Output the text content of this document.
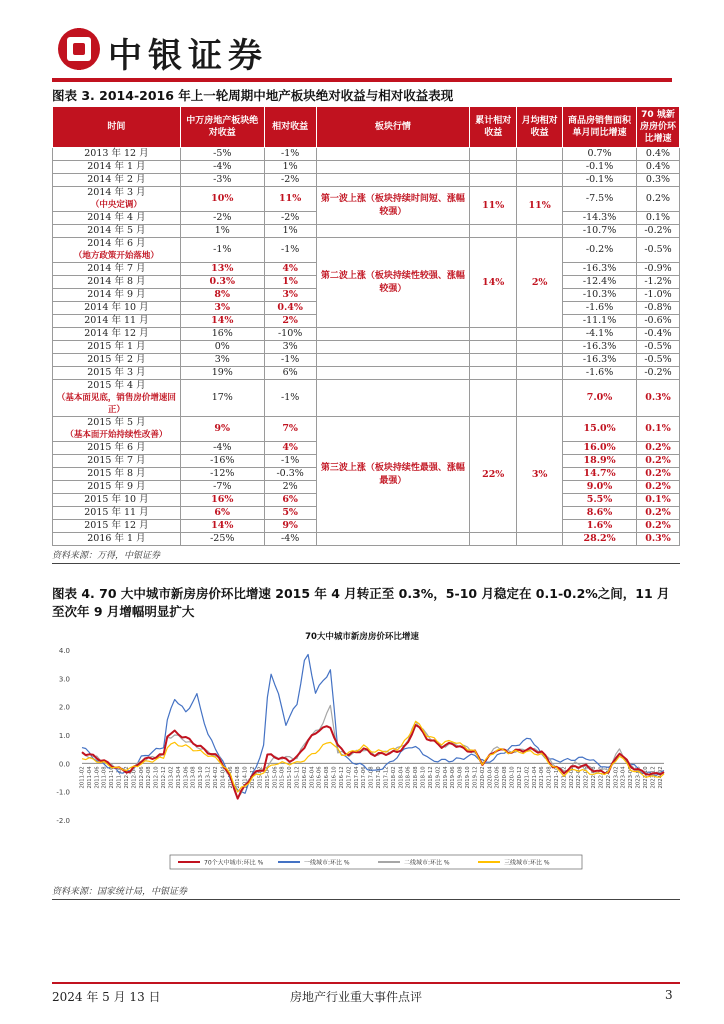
中银证券
图表 3. 2014-2016 年上一轮周期中地产板块绝对收益与相对收益表现
时间	中万房地产板块绝对收益	相对收益	板块行情	累计相对收益	月均相对收益	商品房销售面积单月同比增速	70 城新房房价环比增速
2013 年 12 月	-5%	-1%				0.7%	0.4%
2014 年 1 月	-4%	1%				-0.1%	0.4%
2014 年 2 月	-3%	-2%				-0.1%	0.3%
2014 年 3 月
（中央定调）	10%	11%	第一波上涨（板块持续时间短、涨幅较强）	11%	11%	-7.5%	0.2%
2014 年 4 月	-2%	-2%				-14.3%	0.1%
2014 年 5 月	1%	1%				-10.7%	-0.2%
2014 年 6 月
（地方政策开始落地）	-1%	-1%	第二波上涨（板块持续性较强、涨幅较强）	14%	2%	-0.2%	-0.5%
2014 年 7 月	13%	4%				-16.3%	-0.9%
2014 年 8 月	0.3%	1%				-12.4%	-1.2%
2014 年 9 月	8%	3%				-10.3%	-1.0%
2014 年 10 月	3%	0.4%				-1.6%	-0.8%
2014 年 11 月	14%	2%				-11.1%	-0.6%
2014 年 12 月	16%	-10%				-4.1%	-0.4%
2015 年 1 月	0%	3%				-16.3%	-0.5%
2015 年 2 月	3%	-1%				-16.3%	-0.5%
2015 年 3 月	19%	6%				-1.6%	-0.2%
2015 年 4 月
（基本面见底，销售房价增速回正）	17%	-1%				7.0%	0.3%
2015 年 5 月
（基本面开始持续性改善）	9%	7%	第三波上涨（板块持续性最强、涨幅最强）	22%	3%	15.0%	0.1%
2015 年 6 月	-4%	4%				16.0%	0.2%
2015 年 7 月	-16%	-1%				18.9%	0.2%
2015 年 8 月	-12%	-0.3%				14.7%	0.2%
2015 年 9 月	-7%	2%				9.0%	0.2%
2015 年 10 月	16%	6%				5.5%	0.1%
2015 年 11 月	6%	5%				8.6%	0.2%
2015 年 12 月	14%	9%				1.6%	0.2%
2016 年 1 月	-25%	-4%				28.2%	0.3%
资料来源：万得，中银证券
图表 4. 70 大中城市新房房价环比增速 2015 年 4 月转正至 0.3%，5-10 月稳定在 0.1-0.2%之间，11 月至次年 9 月增幅明显扩大
70大中城市新房房价环比增速
4.0
3.0
2.0
1.0
0.0
-1.0
-2.0
2011-02 2011-04 2011-06 2011-08 2011-10 2011-12 2012-02 2012-04 2012-06 2012-08 2012-10 2012-12 2013-02 2013-04 2013-06 2013-08 2013-10 2013-12 2014-02 2014-04 2014-06 2014-08 2014-10 2014-12 2015-02 2015-04 2015-06 2015-08 2015-10 2015-12 2016-02 2016-04 2016-06 2016-08 2016-10 2016-12 2017-02 2017-04 2017-06 2017-08 2017-10 2017-12 2018-02 2018-04 2018-06 2018-08 2018-10 2018-12 2019-02 2019-04 2019-06 2019-08 2019-10 2019-12 2020-02 2020-04 2020-06 2020-08 2020-10 2020-12 2021-02 2021-04 2021-06 2021-08 2021-10 2021-12 2022-02 2022-04 2022-06 2022-08 2022-10 2022-12 2023-02 2023-04 2023-06 2023-08 2023-10 2023-12 2024-02
70个大中城市:环比 %	一线城市:环比 %	二线城市:环比 %	三线城市:环比 %
资料来源：国家统计局，中银证券
2024 年 5 月 13 日	房地产行业重大事件点评	3
